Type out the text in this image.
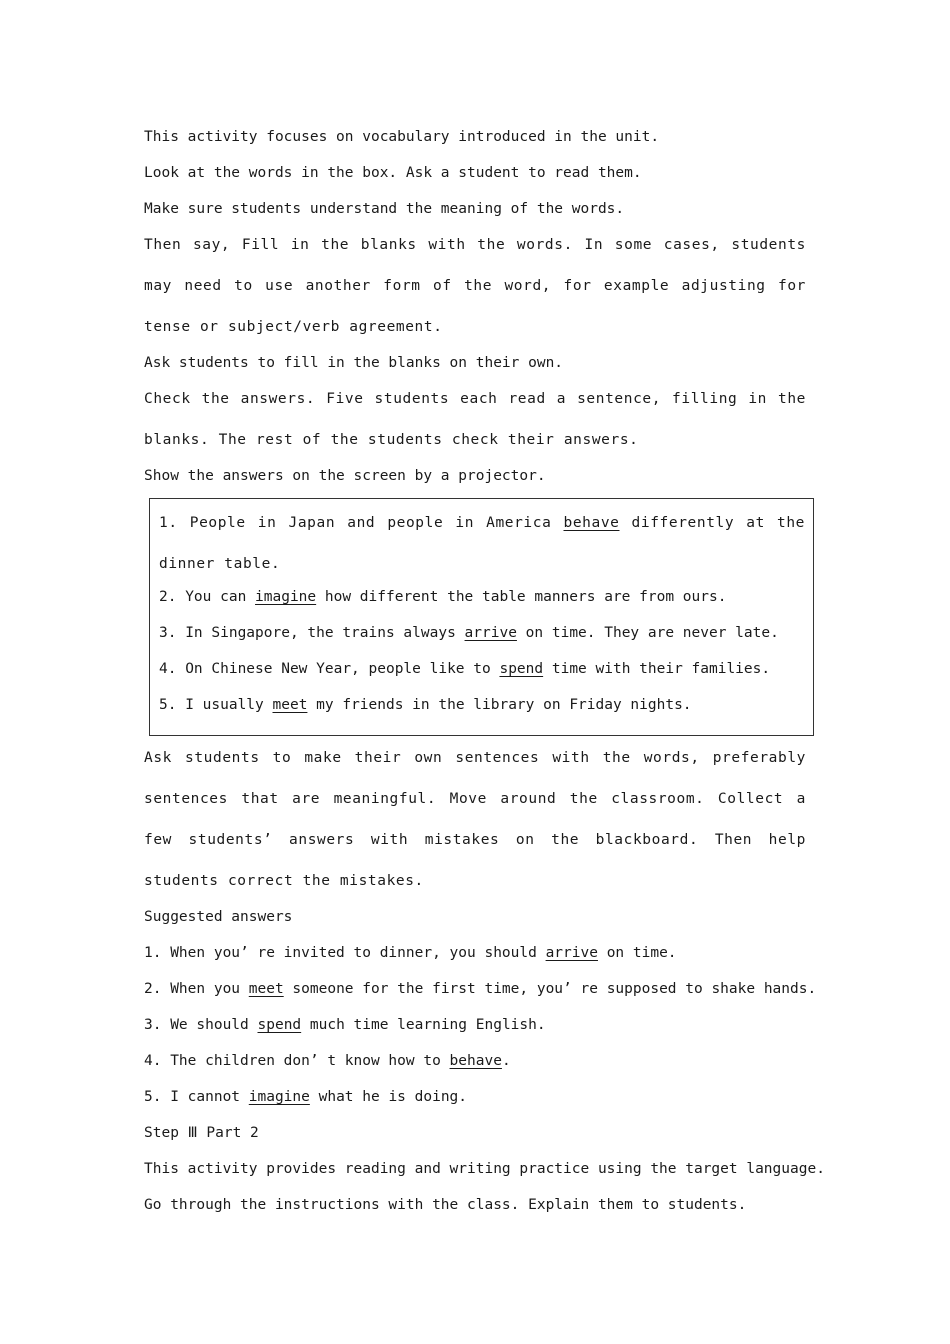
This activity focuses on vocabulary introduced in the unit.
Look at the words in the box. Ask a student to read them.
Make sure students understand the meaning of the words.
Then say, Fill in the blanks with the words. In some cases, students may need to use another form of the word, for example adjusting for tense or subject/verb agreement.
Ask students to fill in the blanks on their own.
Check the answers. Five students each read a sentence, filling in the blanks. The rest of the students check their answers.
Show the answers on the screen by a projector.
1. People in Japan and people in America behave differently at the dinner table.
2. You can imagine how different the table manners are from ours.
3. In Singapore, the trains always arrive on time. They are never late.
4. On Chinese New Year, people like to spend time with their families.
5. I usually meet my friends in the library on Friday nights.
Ask students to make their own sentences with the words, preferably sentences that are meaningful. Move around the classroom. Collect a few students’ answers with mistakes on the blackboard. Then help students correct the mistakes.
Suggested answers
1. When you’ re invited to dinner, you should arrive on time.
2. When you meet someone for the first time, you’ re supposed to shake hands.
3. We should spend much time learning English.
4. The children don’ t know how to behave.
5. I cannot imagine what he is doing.
Step Ⅲ Part 2
This activity provides reading and writing practice using the target language.
Go through the instructions with the class. Explain them to students.
